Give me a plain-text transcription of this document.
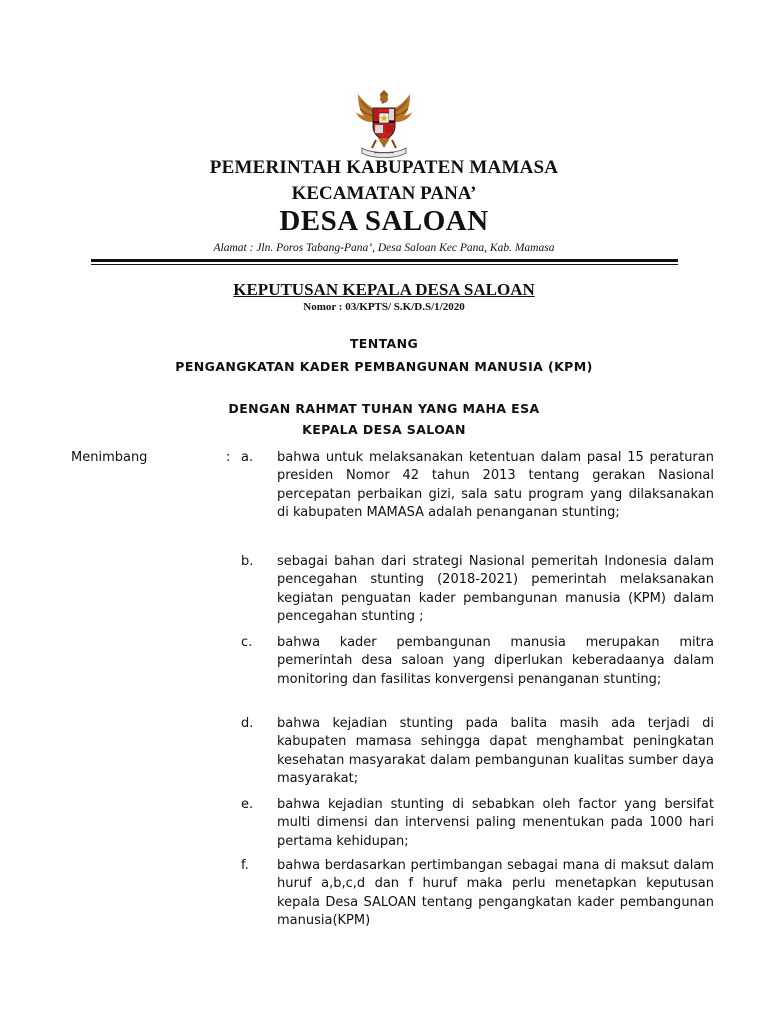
PEMERINTAH KABUPATEN MAMASA
KECAMATAN PANA’
DESA SALOAN
Alamat : Jln. Poros Tabang-Pana’, Desa Saloan Kec Pana, Kab. Mamasa
KEPUTUSAN KEPALA DESA SALOAN
Nomor : 03/KPTS/ S.K/D.S/1/2020
TENTANG
PENGANGKATAN KADER PEMBANGUNAN MANUSIA (KPM)
DENGAN RAHMAT TUHAN YANG MAHA ESA
KEPALA DESA SALOAN
Menimbang	: a. bahwa untuk melaksanakan ketentuan dalam pasal 15 peraturan presiden Nomor 42 tahun 2013 tentang gerakan Nasional percepatan perbaikan gizi, sala satu program yang dilaksanakan di kabupaten MAMASA adalah penanganan stunting;
b. sebagai bahan dari strategi Nasional pemeritah Indonesia dalam pencegahan stunting (2018-2021) pemerintah melaksanakan kegiatan penguatan kader pembangunan manusia (KPM) dalam pencegahan stunting ;
c. bahwa kader pembangunan manusia merupakan mitra pemerintah desa saloan yang diperlukan keberadaanya dalam monitoring dan fasilitas konvergensi penanganan stunting;
d. bahwa kejadian stunting pada balita masih ada terjadi di kabupaten mamasa sehingga dapat menghambat peningkatan kesehatan masyarakat dalam pembangunan kualitas sumber daya masyarakat;
e. bahwa kejadian stunting di sebabkan oleh factor yang bersifat multi dimensi dan intervensi paling menentukan pada 1000 hari pertama kehidupan;
f. bahwa berdasarkan pertimbangan sebagai mana di maksut dalam huruf a,b,c,d dan f huruf maka perlu menetapkan keputusan kepala Desa SALOAN tentang pengangkatan kader pembangunan manusia(KPM)
